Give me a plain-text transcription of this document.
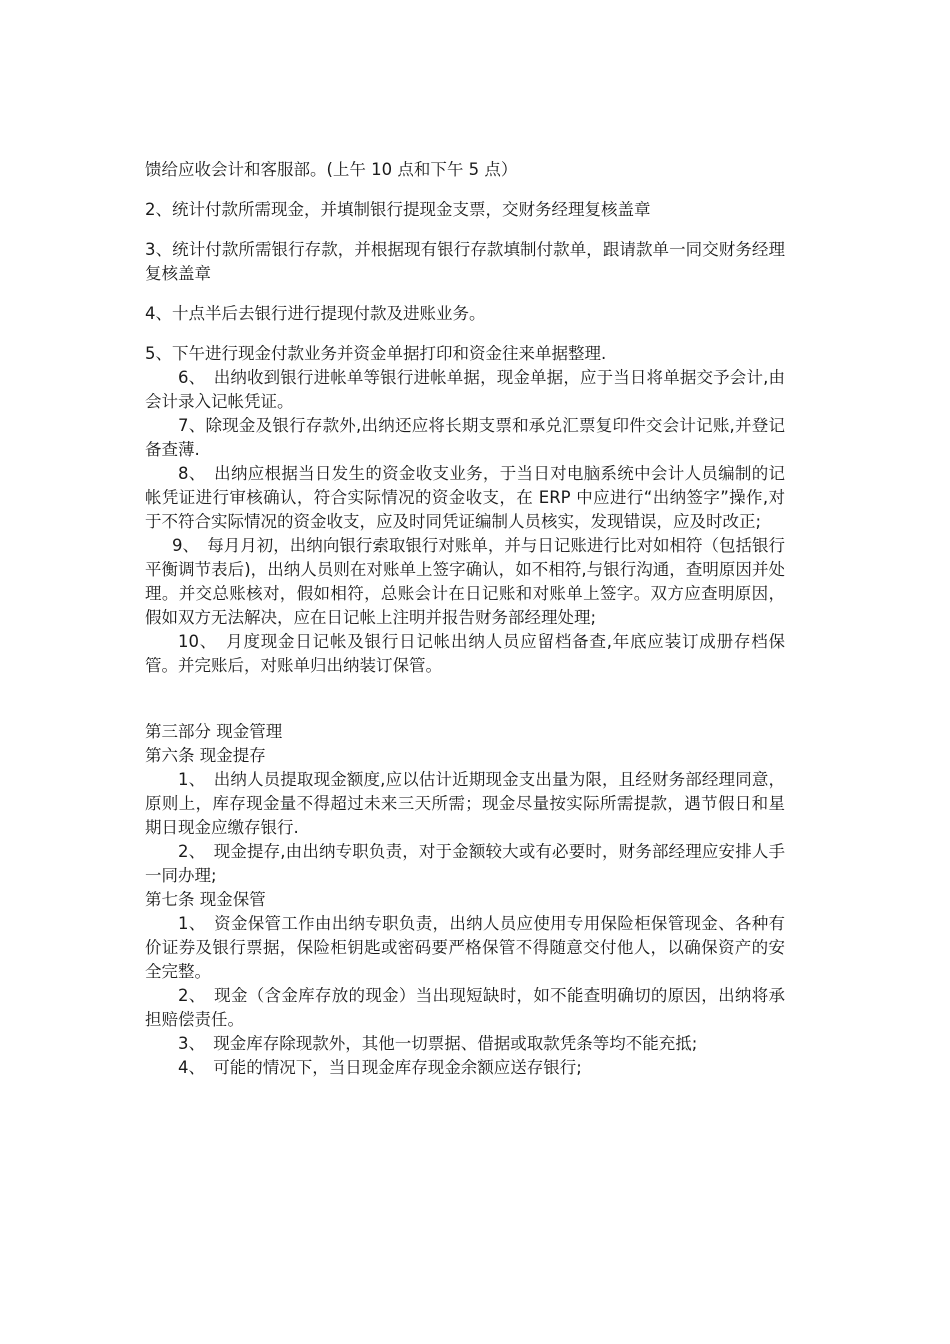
馈给应收会计和客服部。(上午 10 点和下午 5 点）

2、统计付款所需现金，并填制银行提现金支票，交财务经理复核盖章

3、统计付款所需银行存款，并根据现有银行存款填制付款单，跟请款单一同交财务经理复核盖章

4、十点半后去银行进行提现付款及进账业务。

5、下午进行现金付款业务并资金单据打印和资金往来单据整理.

6、　出纳收到银行进帐单等银行进帐单据，现金单据，应于当日将单据交予会计,由会计录入记帐凭证。

7、除现金及银行存款外,出纳还应将长期支票和承兑汇票复印件交会计记账,并登记备查薄.

8、　出纳应根据当日发生的资金收支业务，于当日对电脑系统中会计人员编制的记帐凭证进行审核确认，符合实际情况的资金收支，在 ERP 中应进行“出纳签字”操作,对于不符合实际情况的资金收支，应及时同凭证编制人员核实，发现错误，应及时改正;

9、　每月月初，出纳向银行索取银行对账单，并与日记账进行比对如相符（包括银行平衡调节表后)，出纳人员则在对账单上签字确认，如不相符,与银行沟通，查明原因并处理。并交总账核对，假如相符，总账会计在日记账和对账单上签字。双方应查明原因，假如双方无法解决，应在日记帐上注明并报告财务部经理处理;

10、　月度现金日记帐及银行日记帐出纳人员应留档备查,年底应装订成册存档保管。并完账后，对账单归出纳装订保管。

第三部分 现金管理

第六条 现金提存

1、　出纳人员提取现金额度,应以估计近期现金支出量为限，且经财务部经理同意，原则上，库存现金量不得超过未来三天所需；现金尽量按实际所需提款，遇节假日和星期日现金应缴存银行.

2、　现金提存,由出纳专职负责，对于金额较大或有必要时，财务部经理应安排人手一同办理;

第七条 现金保管

1、　资金保管工作由出纳专职负责，出纳人员应使用专用保险柜保管现金、各种有价证券及银行票据，保险柜钥匙或密码要严格保管不得随意交付他人，以确保资产的安全完整。

2、　现金（含金库存放的现金）当出现短缺时，如不能查明确切的原因，出纳将承担赔偿责任。

3、　现金库存除现款外，其他一切票据、借据或取款凭条等均不能充抵;

4、　可能的情况下，当日现金库存现金余额应送存银行;
